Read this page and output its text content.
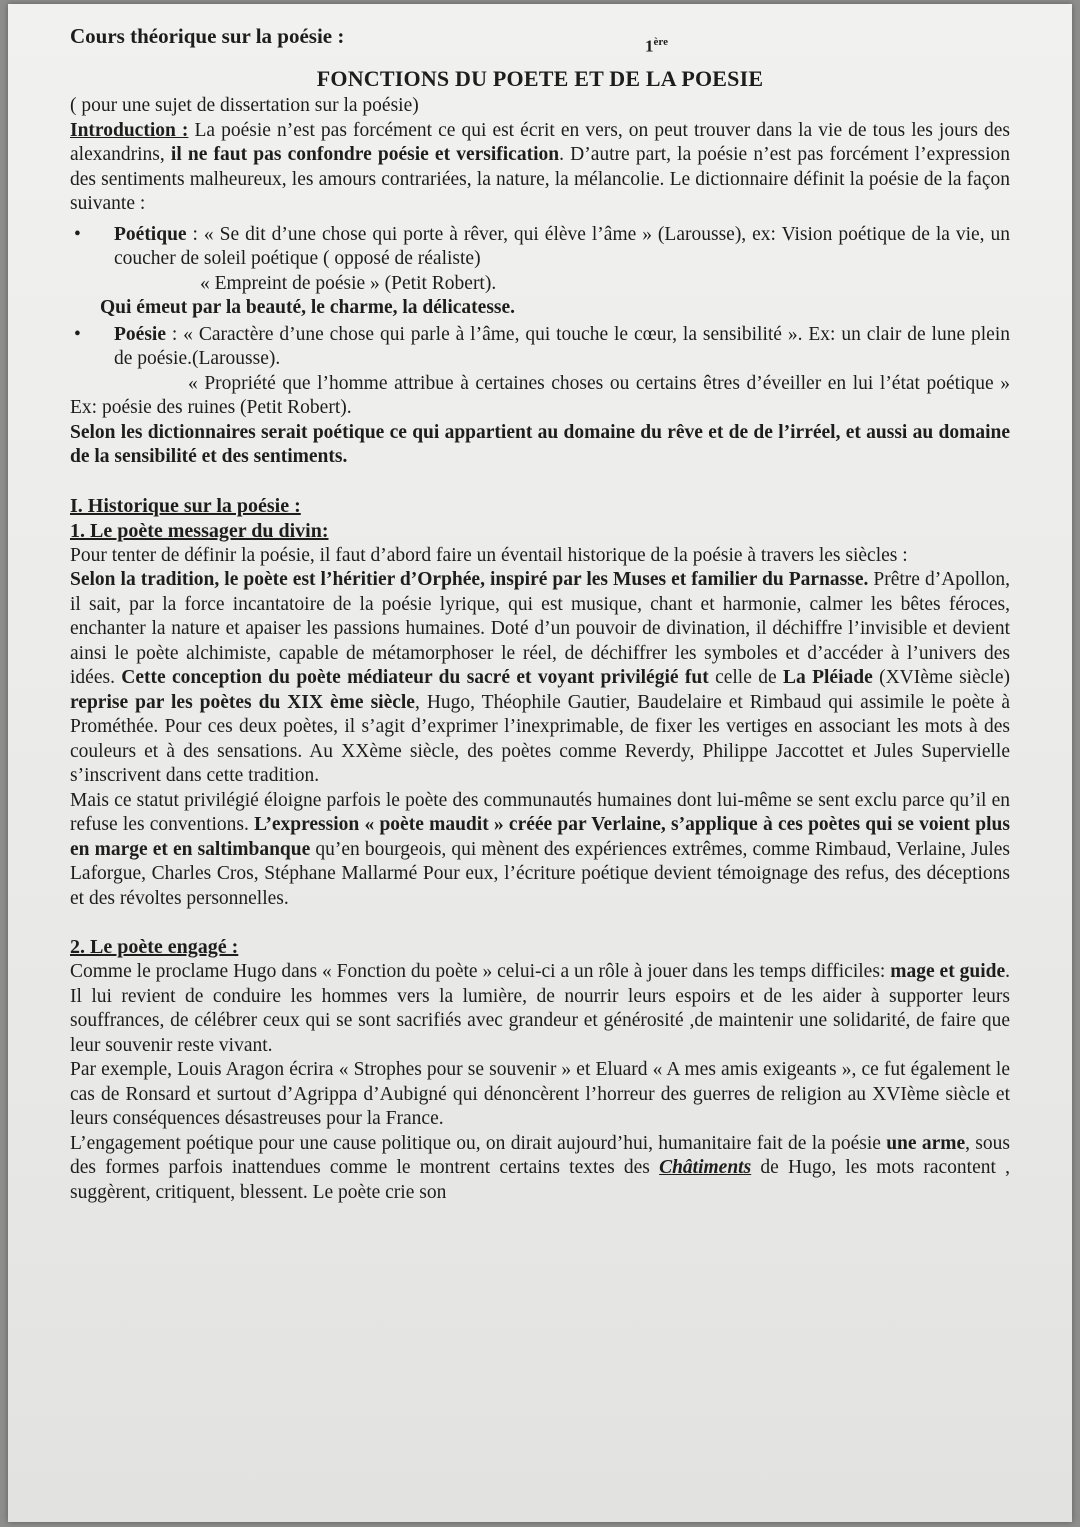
Cours théorique sur la poésie :	1ère
FONCTIONS DU POETE ET DE LA POESIE

( pour une sujet de dissertation sur la poésie)

Introduction : La poésie n’est pas forcément ce qui est écrit en vers, on peut trouver dans la vie de tous les jours des alexandrins, il ne faut pas confondre poésie et versification. D’autre part, la poésie n’est pas forcément l’expression des sentiments malheureux, les amours contrariées, la nature, la mélancolie. Le dictionnaire définit la poésie de la façon suivante :

• Poétique : « Se dit d’une chose qui porte à rêver, qui élève l’âme » (Larousse), ex: Vision poétique de la vie, un coucher de soleil poétique ( opposé de réaliste)

« Empreint de poésie » (Petit Robert).

Qui émeut par la beauté, le charme, la délicatesse.

• Poésie : « Caractère d’une chose qui parle à l’âme, qui touche le cœur, la sensibilité ». Ex: un clair de lune plein de poésie.(Larousse).

« Propriété que l’homme attribue à certaines choses ou certains êtres d’éveiller en lui l’état poétique » Ex: poésie des ruines (Petit Robert).

Selon les dictionnaires serait poétique ce qui appartient au domaine du rêve et de de l’irréel, et aussi au domaine de la sensibilité et des sentiments.

I. Historique sur la poésie :
1. Le poète messager du divin:

Pour tenter de définir la poésie, il faut d’abord faire un éventail historique de la poésie à travers les siècles :

Selon la tradition, le poète est l’héritier d’Orphée, inspiré par les Muses et familier du Parnasse. Prêtre d’Apollon, il sait, par la force incantatoire de la poésie lyrique, qui est musique, chant et harmonie, calmer les bêtes féroces, enchanter la nature et apaiser les passions humaines. Doté d’un pouvoir de divination, il déchiffre l’invisible et devient ainsi le poète alchimiste, capable de métamorphoser le réel, de déchiffrer les symboles et d’accéder à l’univers des idées. Cette conception du poète médiateur du sacré et voyant privilégié fut celle de La Pléiade (XVIème siècle) reprise par les poètes du XIX ème siècle, Hugo, Théophile Gautier, Baudelaire et Rimbaud qui assimile le poète à Prométhée. Pour ces deux poètes, il s’agit d’exprimer l’inexprimable, de fixer les vertiges en associant les mots à des couleurs et à des sensations. Au XXème siècle, des poètes comme Reverdy, Philippe Jaccottet et Jules Supervielle s’inscrivent dans cette tradition.

Mais ce statut privilégié éloigne parfois le poète des communautés humaines dont lui-même se sent exclu parce qu’il en refuse les conventions. L’expression « poète maudit » créée par Verlaine, s’applique à ces poètes qui se voient plus en marge et en saltimbanque qu’en bourgeois, qui mènent des expériences extrêmes, comme Rimbaud, Verlaine, Jules Laforgue, Charles Cros, Stéphane Mallarmé Pour eux, l’écriture poétique devient témoignage des refus, des déceptions et des révoltes personnelles.

2. Le poète engagé :

Comme le proclame Hugo dans « Fonction du poète » celui-ci a un rôle à jouer dans les temps difficiles: mage et guide. Il lui revient de conduire les hommes vers la lumière, de nourrir leurs espoirs et de les aider à supporter leurs souffrances, de célébrer ceux qui se sont sacrifiés avec grandeur et générosité ,de maintenir une solidarité, de faire que leur souvenir reste vivant.

Par exemple, Louis Aragon écrira « Strophes pour se souvenir » et Eluard « A mes amis exigeants », ce fut également le cas de Ronsard et surtout d’Agrippa d’Aubigné qui dénoncèrent l’horreur des guerres de religion au XVIème siècle et leurs conséquences désastreuses pour la France.

L’engagement poétique pour une cause politique ou, on dirait aujourd’hui, humanitaire fait de la poésie une arme, sous des formes parfois inattendues comme le montrent certains textes des Châtiments de Hugo, les mots racontent , suggèrent, critiquent, blessent. Le poète crie son
